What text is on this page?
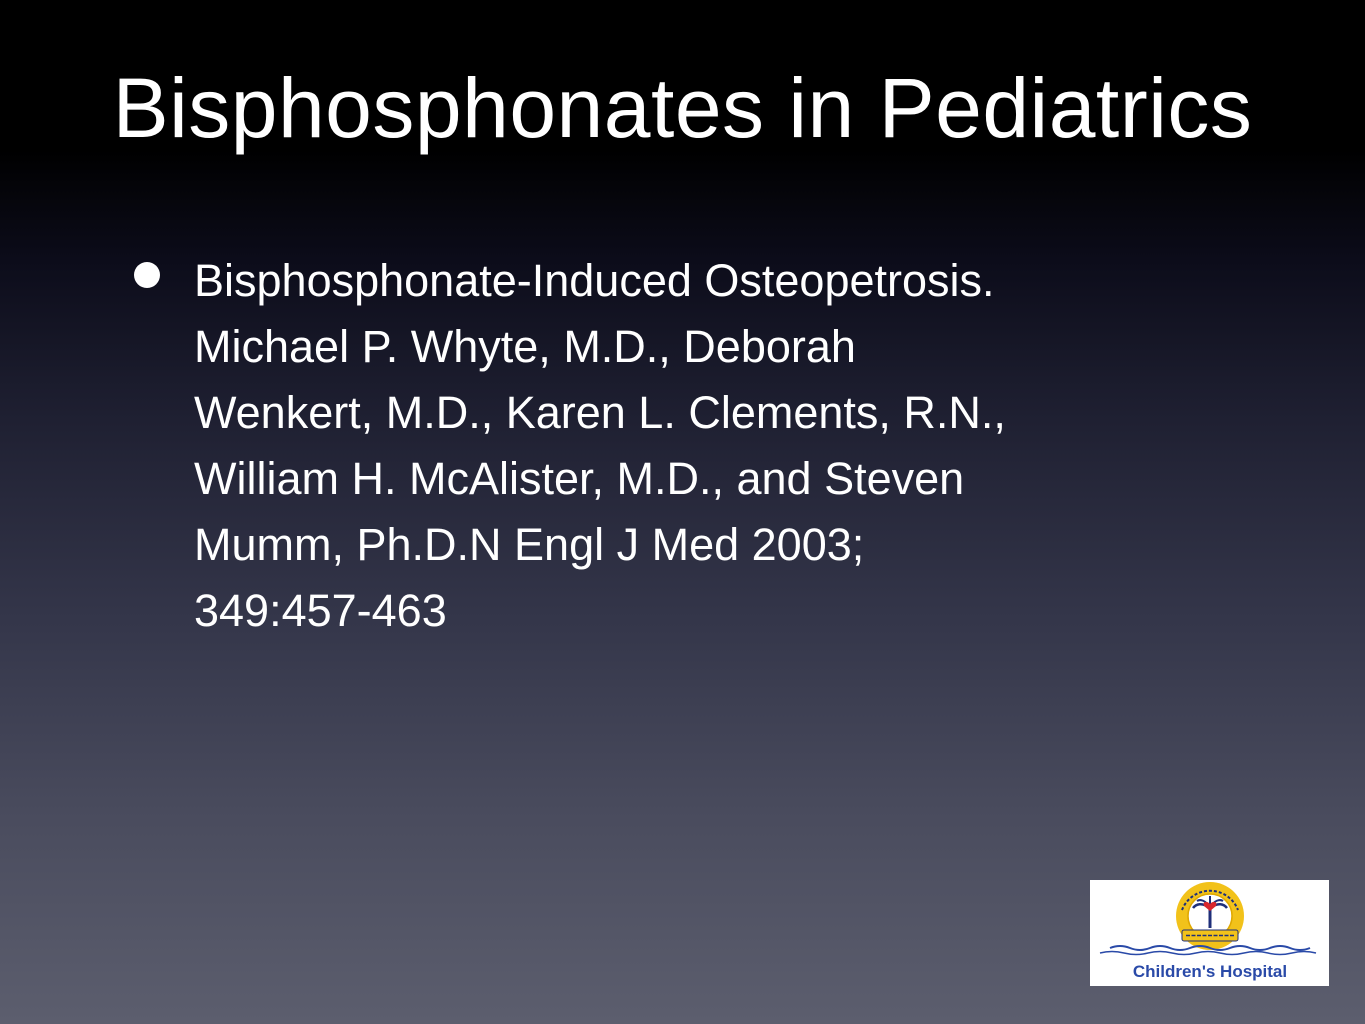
Bisphosphonates in Pediatrics
Bisphosphonate-Induced Osteopetrosis.
Michael P. Whyte, M.D., Deborah
Wenkert, M.D., Karen L. Clements, R.N.,
William H. McAlister, M.D., and Steven
Mumm, Ph.D.N Engl J Med 2003;
349:457-463
Children's Hospital
